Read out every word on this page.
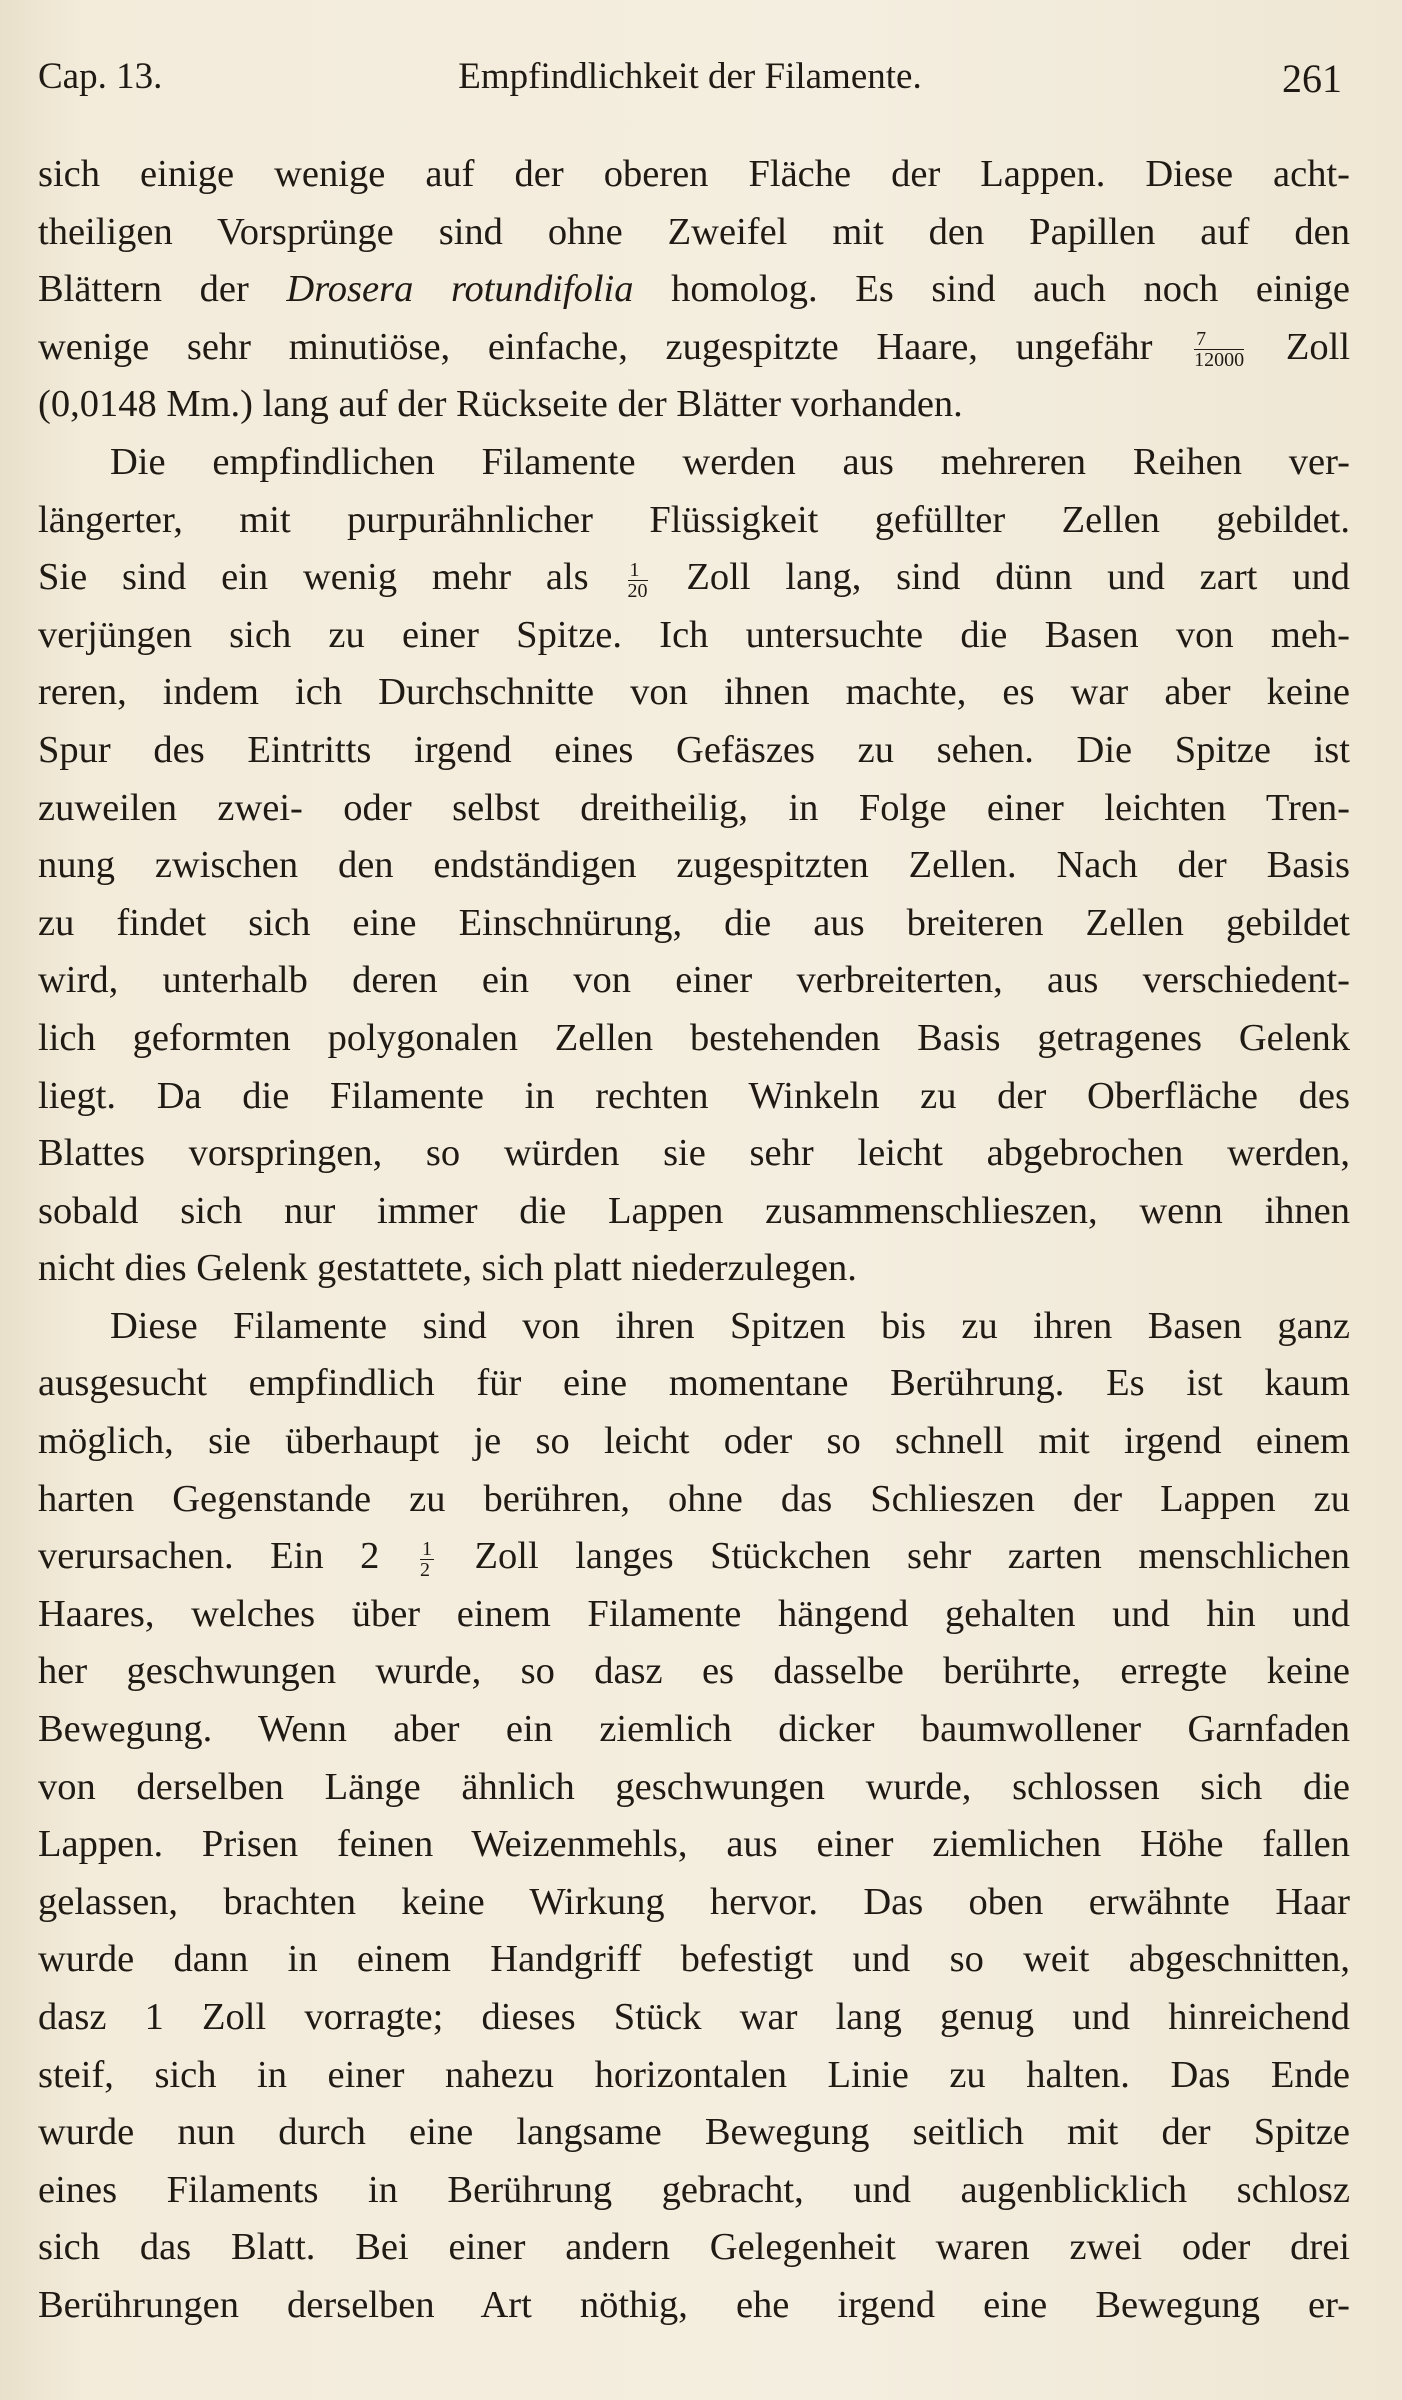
Cap. 13.	Empfindlichkeit der Filamente.	261
sich einige wenige auf der oberen Fläche der Lappen. Diese acht-
theiligen Vorsprünge sind ohne Zweifel mit den Papillen auf den
Blättern der Drosera rotundifolia homolog. Es sind auch noch einige
wenige sehr minutiöse, einfache, zugespitzte Haare, ungefähr $\frac{7}{12000}$ Zoll
(0,0148 Mm.) lang auf der Rückseite der Blätter vorhanden.
Die empfindlichen Filamente werden aus mehreren Reihen ver-
längerter, mit purpurähnlicher Flüssigkeit gefüllter Zellen gebildet.
Sie sind ein wenig mehr als $\frac{1}{20}$ Zoll lang, sind dünn und zart und
verjüngen sich zu einer Spitze. Ich untersuchte die Basen von meh-
reren, indem ich Durchschnitte von ihnen machte, es war aber keine
Spur des Eintritts irgend eines Gefäszes zu sehen. Die Spitze ist
zuweilen zwei- oder selbst dreitheilig, in Folge einer leichten Tren-
nung zwischen den endständigen zugespitzten Zellen. Nach der Basis
zu findet sich eine Einschnürung, die aus breiteren Zellen gebildet
wird, unterhalb deren ein von einer verbreiterten, aus verschiedent-
lich geformten polygonalen Zellen bestehenden Basis getragenes Gelenk
liegt. Da die Filamente in rechten Winkeln zu der Oberfläche des
Blattes vorspringen, so würden sie sehr leicht abgebrochen werden,
sobald sich nur immer die Lappen zusammenschlieszen, wenn ihnen
nicht dies Gelenk gestattete, sich platt niederzulegen.
Diese Filamente sind von ihren Spitzen bis zu ihren Basen ganz
ausgesucht empfindlich für eine momentane Berührung. Es ist kaum
möglich, sie überhaupt je so leicht oder so schnell mit irgend einem
harten Gegenstande zu berühren, ohne das Schlieszen der Lappen zu
verursachen. Ein $2 \frac{1}{2}$ Zoll langes Stückchen sehr zarten menschlichen
Haares, welches über einem Filamente hängend gehalten und hin und
her geschwungen wurde, so dasz es dasselbe berührte, erregte keine
Bewegung. Wenn aber ein ziemlich dicker baumwollener Garnfaden
von derselben Länge ähnlich geschwungen wurde, schlossen sich die
Lappen. Prisen feinen Weizenmehls, aus einer ziemlichen Höhe fallen
gelassen, brachten keine Wirkung hervor. Das oben erwähnte Haar
wurde dann in einem Handgriff befestigt und so weit abgeschnitten,
dasz 1 Zoll vorragte; dieses Stück war lang genug und hinreichend
steif, sich in einer nahezu horizontalen Linie zu halten. Das Ende
wurde nun durch eine langsame Bewegung seitlich mit der Spitze
eines Filaments in Berührung gebracht, und augenblicklich schlosz
sich das Blatt. Bei einer andern Gelegenheit waren zwei oder drei
Berührungen derselben Art nöthig, ehe irgend eine Bewegung er-
